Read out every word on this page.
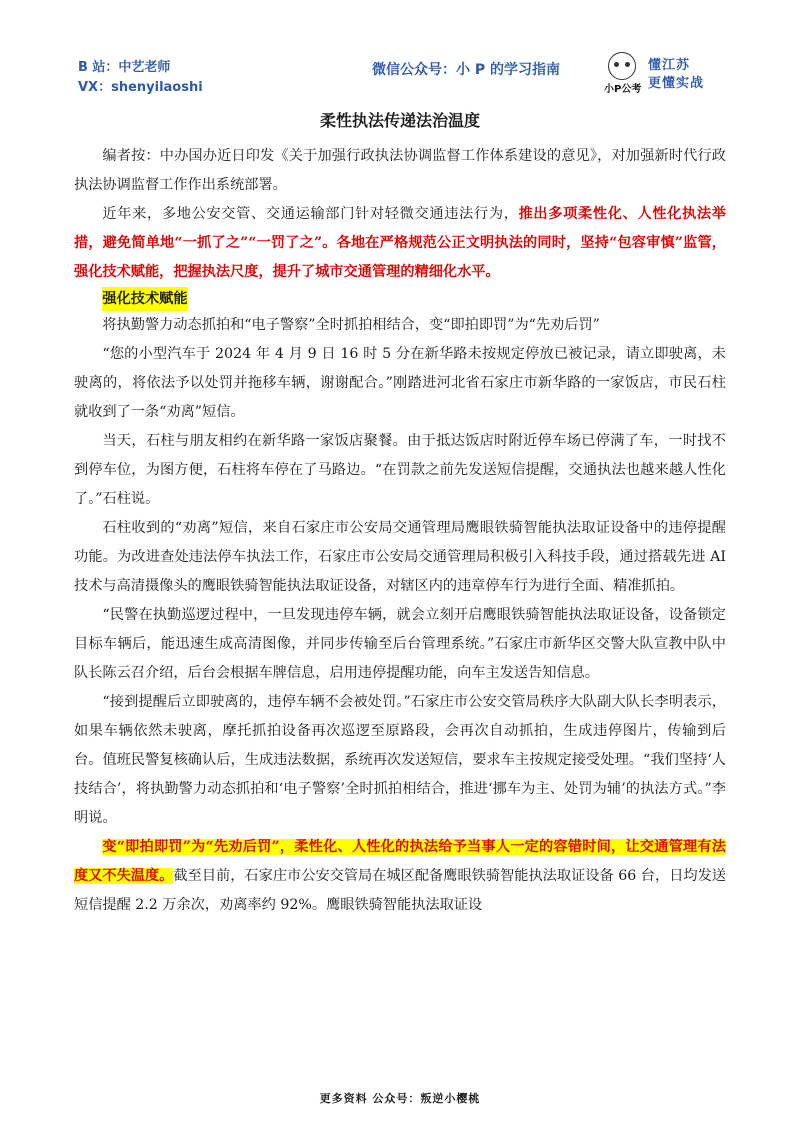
B 站：中艺老师
VX：shenyilaoshi
微信公众号：小 P 的学习指南
小P公考
懂江苏
更懂实战
柔性执法传递法治温度

编者按：中办国办近日印发《关于加强行政执法协调监督工作体系建设的意见》，对加强新时代行政执法协调监督工作作出系统部署。

近年来，多地公安交管、交通运输部门针对轻微交通违法行为，推出多项柔性化、人性化执法举措，避免简单地“一抓了之”“一罚了之”。各地在严格规范公正文明执法的同时，坚持“包容审慎”监管，强化技术赋能，把握执法尺度，提升了城市交通管理的精细化水平。

强化技术赋能

将执勤警力动态抓拍和“电子警察”全时抓拍相结合，变“即拍即罚”为“先劝后罚”

“您的小型汽车于 2024 年 4 月 9 日 16 时 5 分在新华路未按规定停放已被记录，请立即驶离，未驶离的，将依法予以处罚并拖移车辆，谢谢配合。”刚踏进河北省石家庄市新华路的一家饭店，市民石柱就收到了一条“劝离”短信。

当天，石柱与朋友相约在新华路一家饭店聚餐。由于抵达饭店时附近停车场已停满了车，一时找不到停车位，为图方便，石柱将车停在了马路边。“在罚款之前先发送短信提醒，交通执法也越来越人性化了。”石柱说。

石柱收到的“劝离”短信，来自石家庄市公安局交通管理局鹰眼铁骑智能执法取证设备中的违停提醒功能。为改进查处违法停车执法工作，石家庄市公安局交通管理局积极引入科技手段，通过搭载先进 AI 技术与高清摄像头的鹰眼铁骑智能执法取证设备，对辖区内的违章停车行为进行全面、精准抓拍。

“民警在执勤巡逻过程中，一旦发现违停车辆，就会立刻开启鹰眼铁骑智能执法取证设备，设备锁定目标车辆后，能迅速生成高清图像，并同步传输至后台管理系统。”石家庄市新华区交警大队宣教中队中队长陈云召介绍，后台会根据车牌信息，启用违停提醒功能，向车主发送告知信息。

“接到提醒后立即驶离的，违停车辆不会被处罚。”石家庄市公安交管局秩序大队副大队长李明表示，如果车辆依然未驶离，摩托抓拍设备再次巡逻至原路段，会再次自动抓拍，生成违停图片，传输到后台。值班民警复核确认后，生成违法数据，系统再次发送短信，要求车主按规定接受处理。“我们坚持‘人技结合’，将执勤警力动态抓拍和‘电子警察’全时抓拍相结合，推进‘挪车为主、处罚为辅’的执法方式。”李明说。

变“即拍即罚”为“先劝后罚”，柔性化、人性化的执法给予当事人一定的容错时间，让交通管理有法度又不失温度。截至目前，石家庄市公安交管局在城区配备鹰眼铁骑智能执法取证设备 66 台，日均发送短信提醒 2.2 万余次，劝离率约 92%。鹰眼铁骑智能执法取证设

更多资料 公众号：叛逆小樱桃
